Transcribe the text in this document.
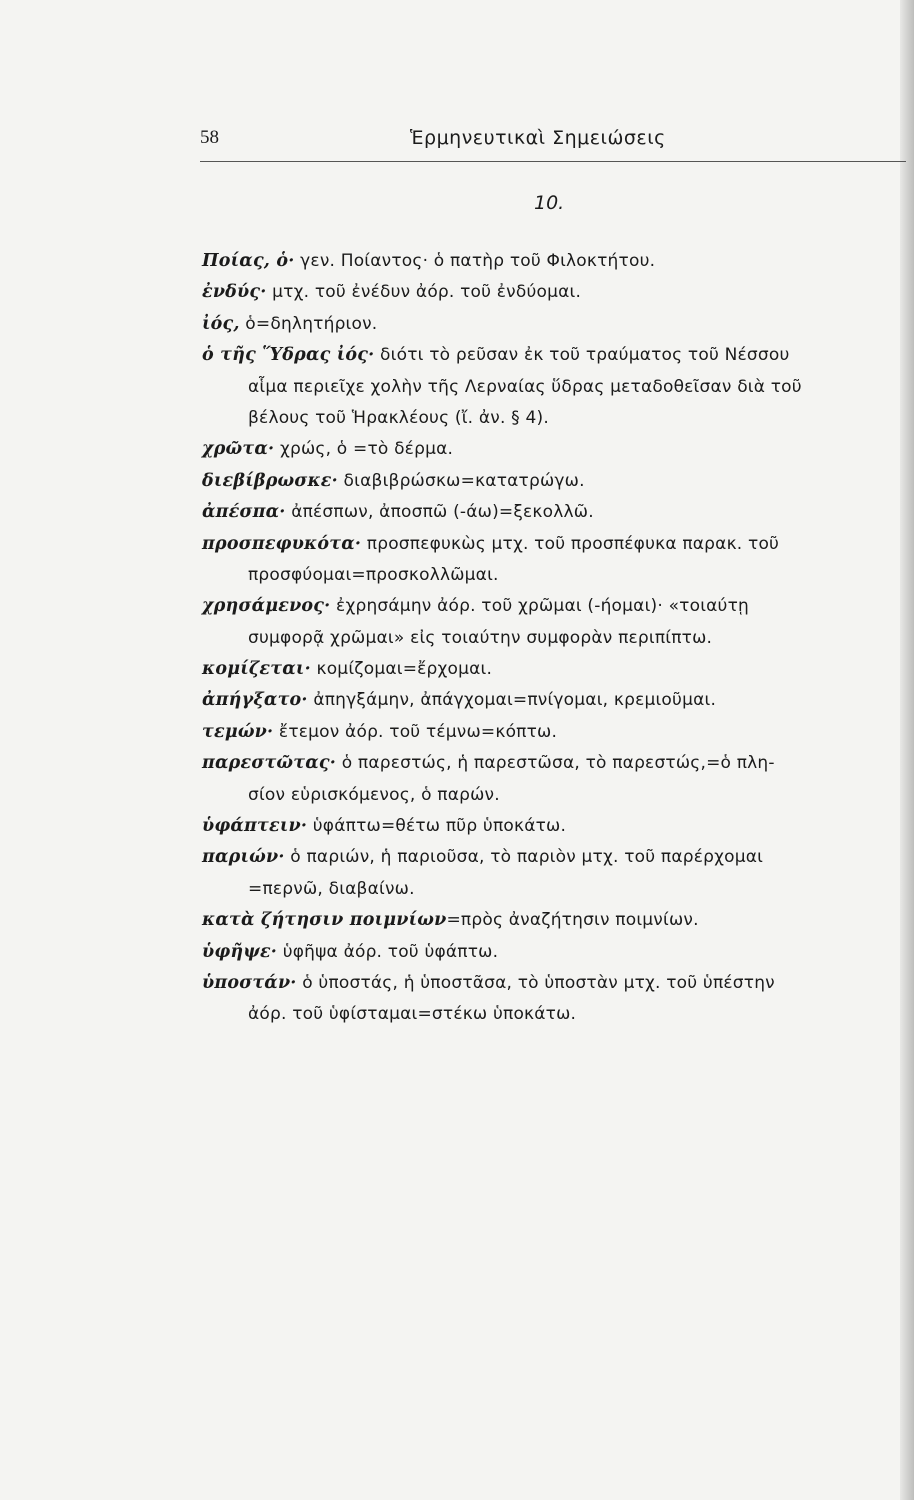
58	Ἑρμηνευτικαὶ Σημειώσεις
10.
Ποίας, ὁ· γεν. Ποίαντος· ὁ πατὴρ τοῦ Φιλοκτήτου.
ἐνδύς· μτχ. τοῦ ἐνέδυν ἀόρ. τοῦ ἐνδύομαι.
ἰός, ὁ=δηλητήριον.
ὁ τῆς Ὕδρας ἰός· διότι τὸ ρεῦσαν ἐκ τοῦ τραύματος τοῦ Νέσσου
αἷμα περιεῖχε χολὴν τῆς Λερναίας ὕδρας μεταδοθεῖσαν διὰ τοῦ
βέλους τοῦ Ἡρακλέους (ἴ. ἀν. § 4).
χρῶτα· χρώς, ὁ =τὸ δέρμα.
διεβίβρωσκε· διαβιβρώσκω=κατατρώγω.
ἀπέσπα· ἀπέσπων, ἀποσπῶ (-άω)=ξεκολλῶ.
προσπεφυκότα· προσπεφυκὼς μτχ. τοῦ προσπέφυκα παρακ. τοῦ
προσφύομαι=προσκολλῶμαι.
χρησάμενος· ἐχρησάμην ἀόρ. τοῦ χρῶμαι (-ήομαι)· «τοιαύτῃ
συμφορᾷ χρῶμαι» εἰς τοιαύτην συμφορὰν περιπίπτω.
κομίζεται· κομίζομαι=ἔρχομαι.
ἀπήγξατο· ἀπηγξάμην, ἀπάγχομαι=πνίγομαι, κρεμιοῦμαι.
τεμών· ἔτεμον ἀόρ. τοῦ τέμνω=κόπτω.
παρεστῶτας· ὁ παρεστώς, ἡ παρεστῶσα, τὸ παρεστώς,=ὁ πλη-
σίον εὑρισκόμενος, ὁ παρών.
ὑφάπτειν· ὑφάπτω=θέτω πῦρ ὑποκάτω.
παριών· ὁ παριών, ἡ παριοῦσα, τὸ παριὸν μτχ. τοῦ παρέρχομαι
=περνῶ, διαβαίνω.
κατὰ ζήτησιν ποιμνίων=πρὸς ἀναζήτησιν ποιμνίων.
ὑφῆψε· ὑφῆψα ἀόρ. τοῦ ὑφάπτω.
ὑποστάν· ὁ ὑποστάς, ἡ ὑποστᾶσα, τὸ ὑποστὰν μτχ. τοῦ ὑπέστην
ἀόρ. τοῦ ὑφίσταμαι=στέκω ὑποκάτω.
